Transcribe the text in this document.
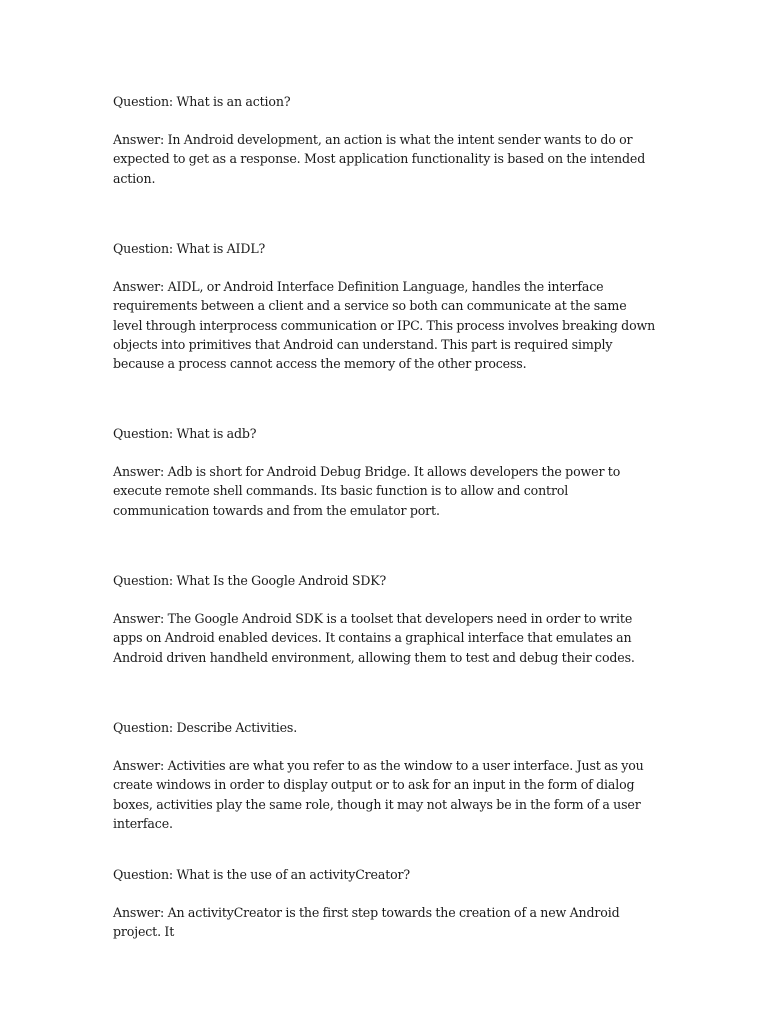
Question: What is an action?

Answer: In Android development, an action is what the intent sender wants to do or expected to get as a response. Most application functionality is based on the intended action.

Question: What is AIDL?

Answer: AIDL, or Android Interface Definition Language, handles the interface requirements between a client and a service so both can communicate at the same level through interprocess communication or IPC. This process involves breaking down objects into primitives that Android can understand. This part is required simply because a process cannot access the memory of the other process.

Question: What is adb?

Answer: Adb is short for Android Debug Bridge. It allows developers the power to execute remote shell commands. Its basic function is to allow and control communication towards and from the emulator port.

Question: What Is the Google Android SDK?

Answer: The Google Android SDK is a toolset that developers need in order to write apps on Android enabled devices. It contains a graphical interface that emulates an Android driven handheld environment, allowing them to test and debug their codes.

Question: Describe Activities.

Answer: Activities are what you refer to as the window to a user interface. Just as you create windows in order to display output or to ask for an input in the form of dialog boxes, activities play the same role, though it may not always be in the form of a user interface.

Question: What is the use of an activityCreator?

Answer: An activityCreator is the first step towards the creation of a new Android project. It
